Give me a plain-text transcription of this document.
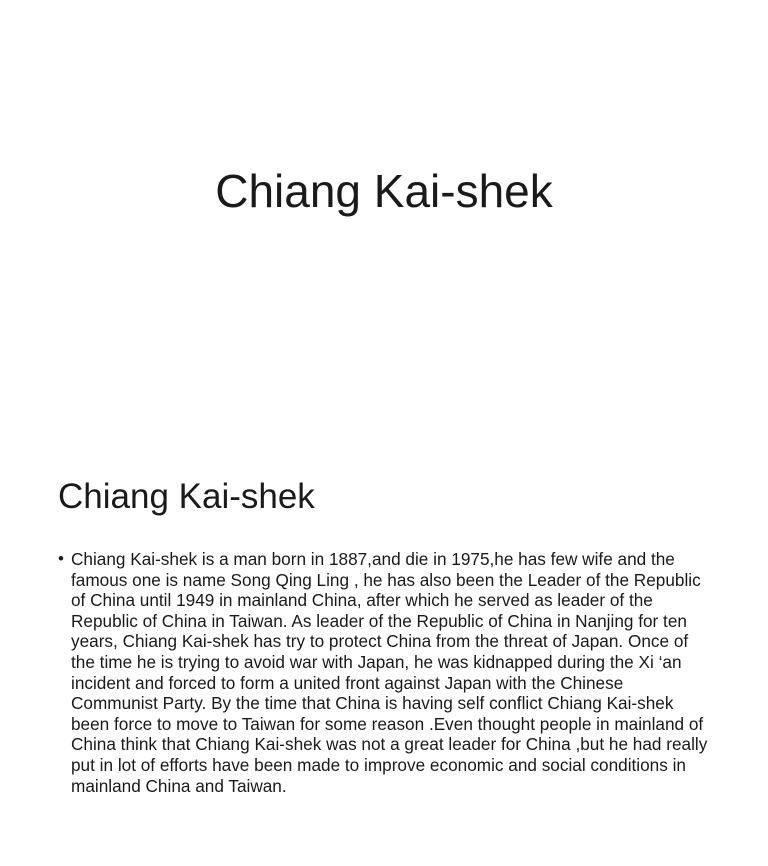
Chiang Kai-shek
Chiang Kai-shek
• Chiang Kai-shek is a man born in 1887,and die in 1975,he has few wife and the famous one is name Song Qing Ling , he has also been the Leader of the Republic of China until 1949 in mainland China, after which he served as leader of the Republic of China in Taiwan. As leader of the Republic of China in Nanjing for ten years, Chiang Kai-shek has try to protect China from the threat of Japan. Once of the time he is trying to avoid war with Japan, he was kidnapped during the Xi ‘an incident and forced to form a united front against Japan with the Chinese Communist Party. By the time that China is having self conflict Chiang Kai-shek been force to move to Taiwan for some reason .Even thought people in mainland of China think that Chiang Kai-shek was not a great leader for China ,but he had really put in lot of efforts have been made to improve economic and social conditions in mainland China and Taiwan.
